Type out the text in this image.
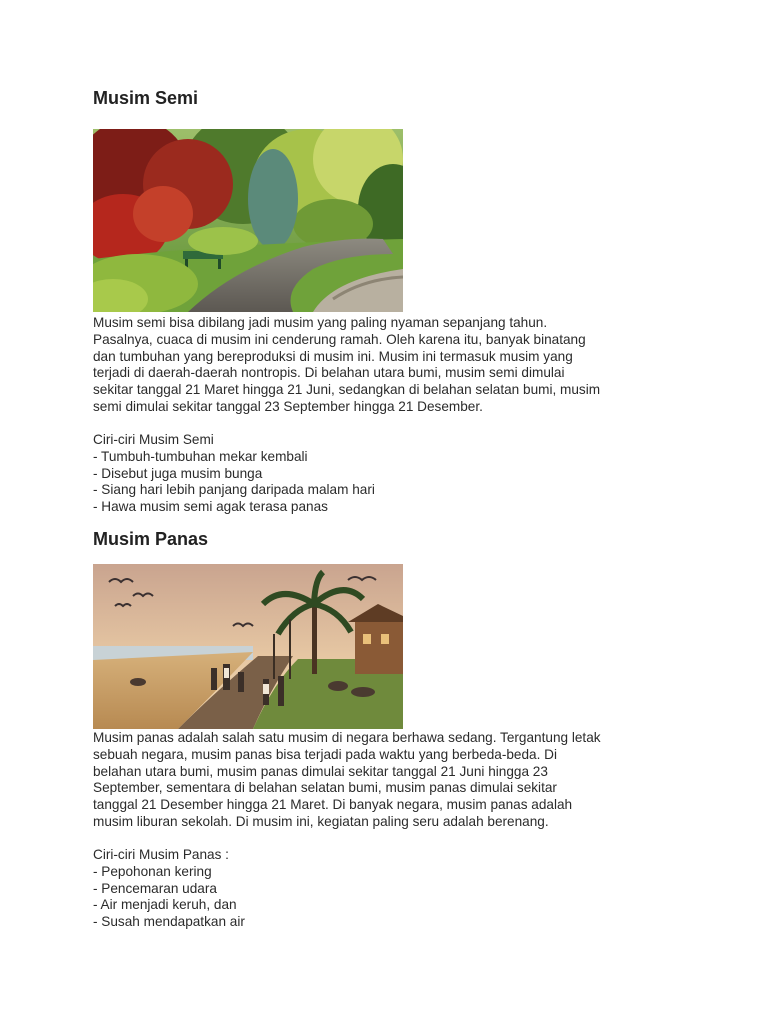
Musim Semi

Musim semi bisa dibilang jadi musim yang paling nyaman sepanjang tahun.
Pasalnya, cuaca di musim ini cenderung ramah. Oleh karena itu, banyak binatang
dan tumbuhan yang bereproduksi di musim ini. Musim ini termasuk musim yang
terjadi di daerah-daerah nontropis. Di belahan utara bumi, musim semi dimulai
sekitar tanggal 21 Maret hingga 21 Juni, sedangkan di belahan selatan bumi, musim
semi dimulai sekitar tanggal 23 September hingga 21 Desember.

Ciri-ciri Musim Semi
- Tumbuh-tumbuhan mekar kembali
- Disebut juga musim bunga
- Siang hari lebih panjang daripada malam hari
- Hawa musim semi agak terasa panas
Musim Panas

Musim panas adalah salah satu musim di negara berhawa sedang. Tergantung letak
sebuah negara, musim panas bisa terjadi pada waktu yang berbeda-beda. Di
belahan utara bumi, musim panas dimulai sekitar tanggal 21 Juni hingga 23
September, sementara di belahan selatan bumi, musim panas dimulai sekitar
tanggal 21 Desember hingga 21 Maret. Di banyak negara, musim panas adalah
musim liburan sekolah. Di musim ini, kegiatan paling seru adalah berenang.

Ciri-ciri Musim Panas :
- Pepohonan kering
- Pencemaran udara
- Air menjadi keruh, dan
- Susah mendapatkan air
